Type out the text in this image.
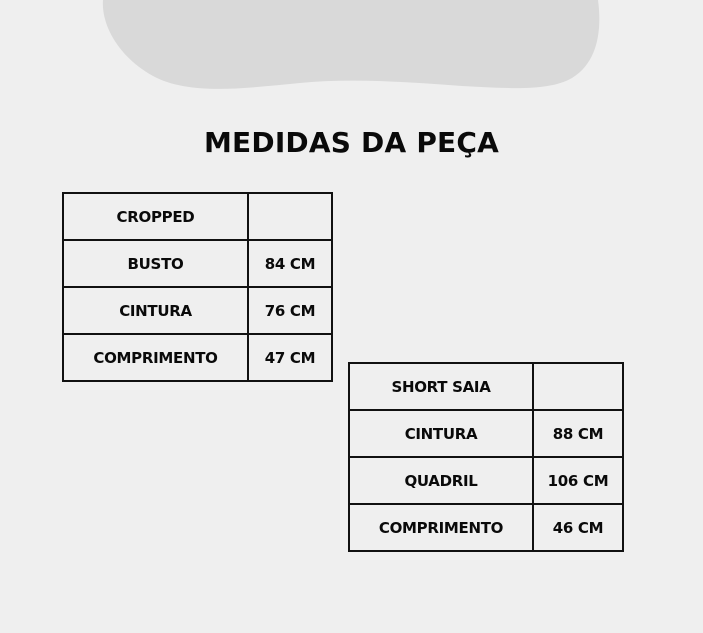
MEDIDAS DA PEÇA
CROPPED	
BUSTO	84 CM
CINTURA	76 CM
COMPRIMENTO	47 CM
SHORT SAIA	
CINTURA	88 CM
QUADRIL	106 CM
COMPRIMENTO	46 CM
